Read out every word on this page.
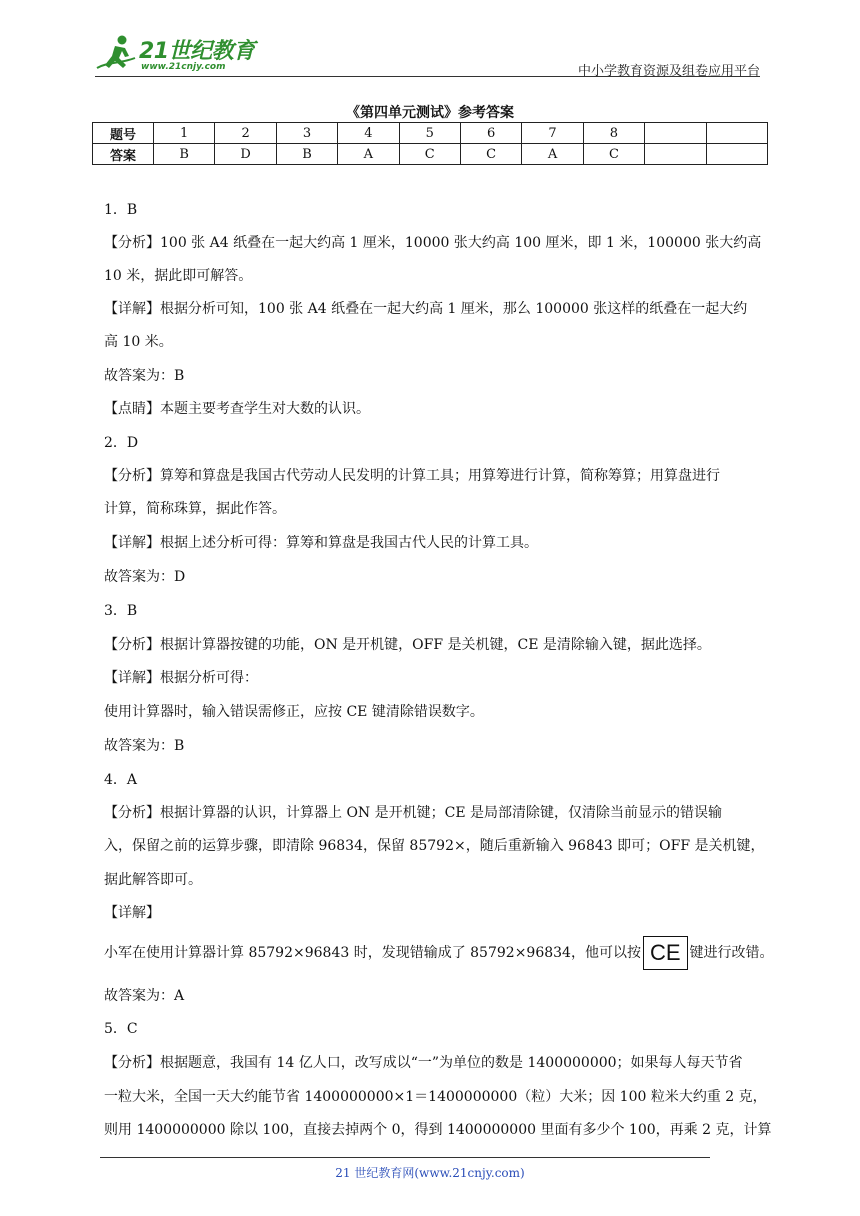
21世纪教育
www.21cnjy.com	中小学教育资源及组卷应用平台
《第四单元测试》参考答案
题号	1	2	3	4	5	6	7	8		
答案	B	D	B	A	C	C	A	C		
1．B
【分析】100 张 A4 纸叠在一起大约高 1 厘米，10000 张大约高 100 厘米，即 1 米，100000 张大约高
10 米，据此即可解答。
【详解】根据分析可知，100 张 A4 纸叠在一起大约高 1 厘米，那么 100000 张这样的纸叠在一起大约
高 10 米。
故答案为：B
【点睛】本题主要考查学生对大数的认识。
2．D
【分析】算筹和算盘是我国古代劳动人民发明的计算工具；用算筹进行计算，简称筹算；用算盘进行
计算，简称珠算，据此作答。
【详解】根据上述分析可得：算筹和算盘是我国古代人民的计算工具。
故答案为：D
3．B
【分析】根据计算器按键的功能，ON 是开机键，OFF 是关机键，CE 是清除输入键，据此选择。
【详解】根据分析可得：
使用计算器时，输入错误需修正，应按 CE 键清除错误数字。
故答案为：B
4．A
【分析】根据计算器的认识，计算器上 ON 是开机键；CE 是局部清除键，仅清除当前显示的错误输
入，保留之前的运算步骤，即清除 96834，保留 85792×，随后重新输入 96843 即可；OFF 是关机键，
据此解答即可。
【详解】
小军在使用计算器计算 85792×96843 时，发现错输成了 85792×96834，他可以按 CE 键进行改错。
故答案为：A
5．C
【分析】根据题意，我国有 14 亿人口，改写成以“一”为单位的数是 1400000000；如果每人每天节省
一粒大米，全国一天大约能节省 1400000000×1＝1400000000（粒）大米；因 100 粒米大约重 2 克，
则用 1400000000 除以 100，直接去掉两个 0，得到 1400000000 里面有多少个 100，再乘 2 克，计算
21 世纪教育网(www.21cnjy.com)
